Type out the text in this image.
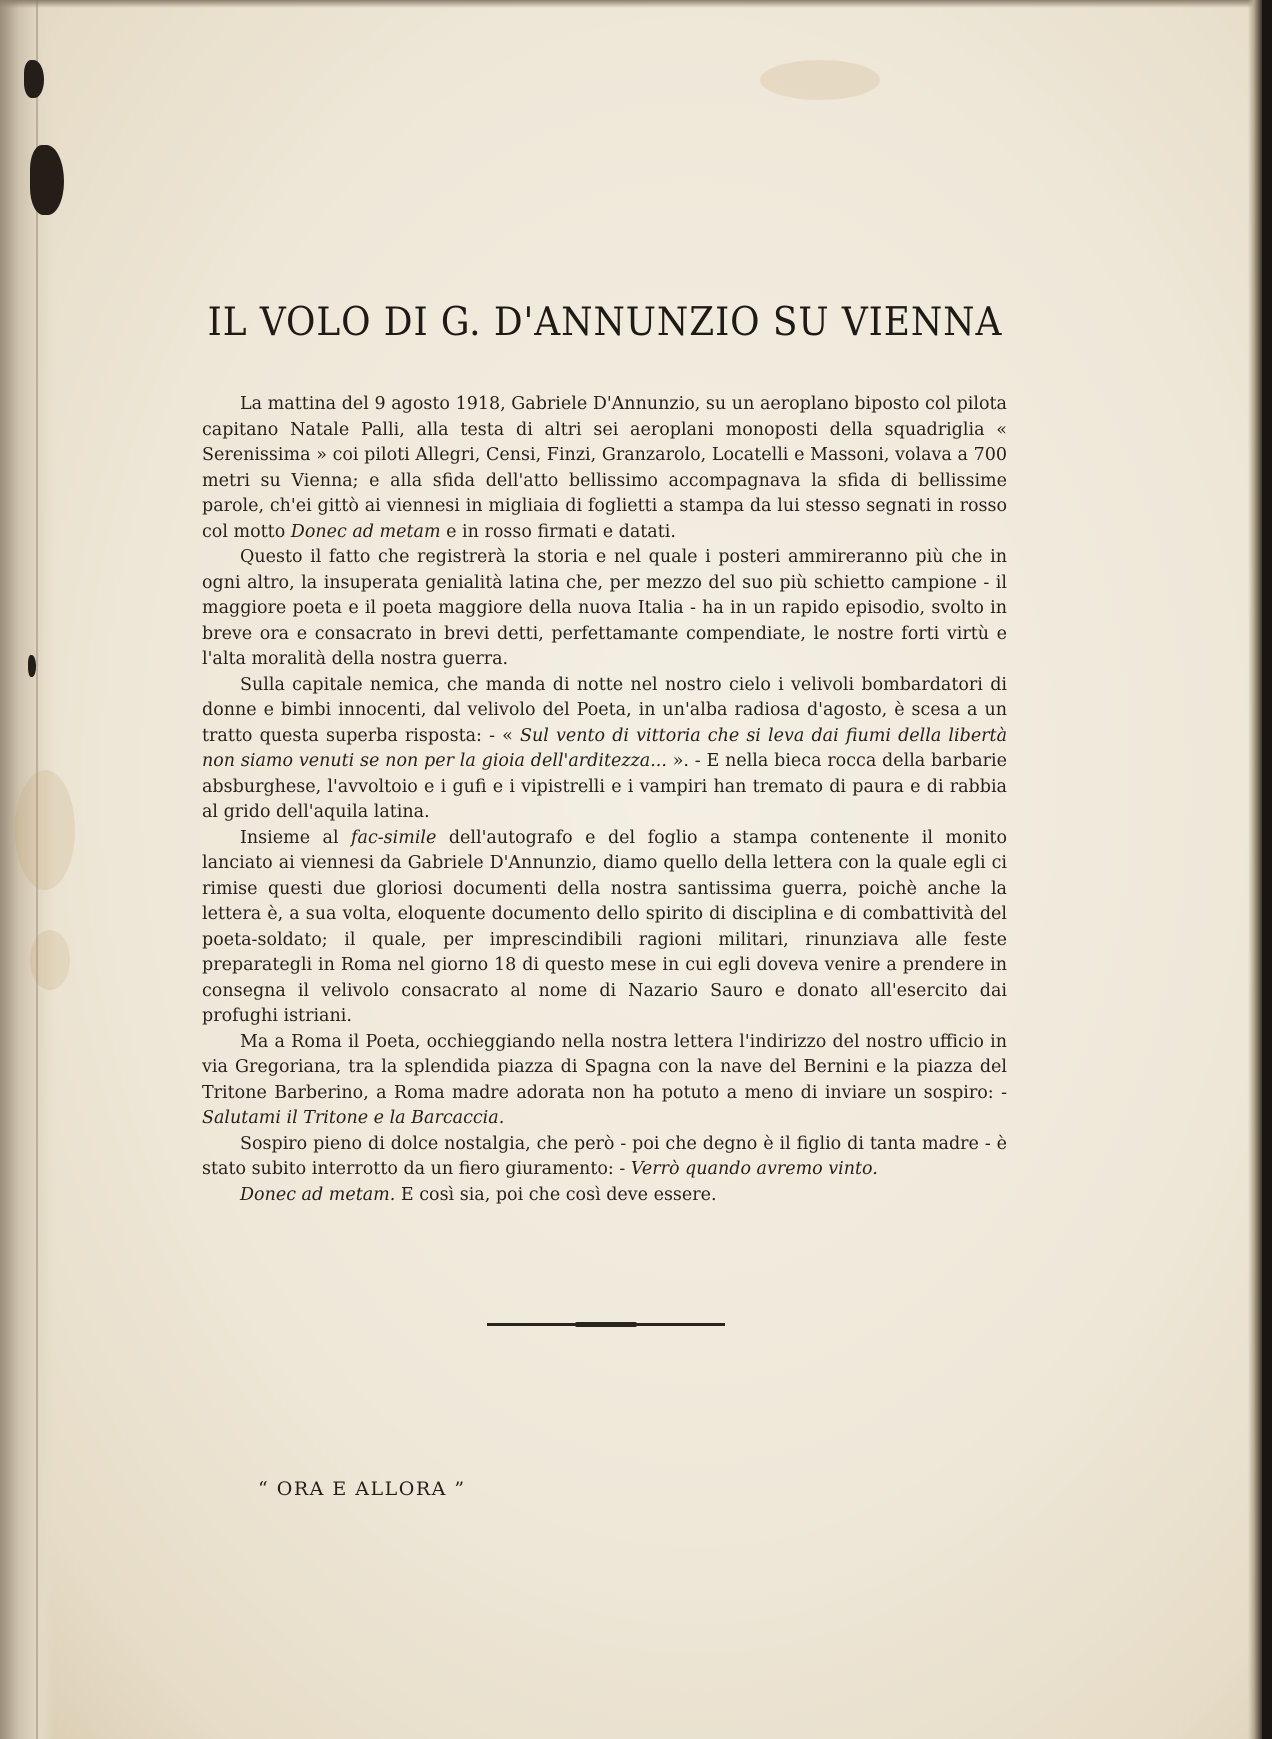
IL VOLO DI G. D'ANNUNZIO SU VIENNA

La mattina del 9 agosto 1918, Gabriele D'Annunzio, su un aeroplano biposto col pilota capitano Natale Palli, alla testa di altri sei aeroplani monoposti della squadriglia « Serenissima » coi piloti Allegri, Censi, Finzi, Granzarolo, Locatelli e Massoni, volava a 700 metri su Vienna; e alla sfida dell'atto bellissimo accompagnava la sfida di bellissime parole, ch'ei gittò ai viennesi in migliaia di foglietti a stampa da lui stesso segnati in rosso col motto Donec ad metam e in rosso firmati e datati.

Questo il fatto che registrerà la storia e nel quale i posteri ammireranno più che in ogni altro, la insuperata genialità latina che, per mezzo del suo più schietto campione - il maggiore poeta e il poeta maggiore della nuova Italia - ha in un rapido episodio, svolto in breve ora e consacrato in brevi detti, perfettamante compendiate, le nostre forti virtù e l'alta moralità della nostra guerra.

Sulla capitale nemica, che manda di notte nel nostro cielo i velivoli bombardatori di donne e bimbi innocenti, dal velivolo del Poeta, in un'alba radiosa d'agosto, è scesa a un tratto questa superba risposta: - « Sul vento di vittoria che si leva dai fiumi della libertà non siamo venuti se non per la gioia dell'arditezza... ». - E nella bieca rocca della barbarie absburghese, l'avvoltoio e i gufi e i vipistrelli e i vampiri han tremato di paura e di rabbia al grido dell'aquila latina.

Insieme al fac-simile dell'autografo e del foglio a stampa contenente il monito lanciato ai viennesi da Gabriele D'Annunzio, diamo quello della lettera con la quale egli ci rimise questi due gloriosi documenti della nostra santissima guerra, poichè anche la lettera è, a sua volta, eloquente documento dello spirito di disciplina e di combattività del poeta-soldato; il quale, per imprescindibili ragioni militari, rinunziava alle feste preparategli in Roma nel giorno 18 di questo mese in cui egli doveva venire a prendere in consegna il velivolo consacrato al nome di Nazario Sauro e donato all'esercito dai profughi istriani.

Ma a Roma il Poeta, occhieggiando nella nostra lettera l'indirizzo del nostro ufficio in via Gregoriana, tra la splendida piazza di Spagna con la nave del Bernini e la piazza del Tritone Barberino, a Roma madre adorata non ha potuto a meno di inviare un sospiro: - Salutami il Tritone e la Barcaccia.

Sospiro pieno di dolce nostalgia, che però - poi che degno è il figlio di tanta madre - è stato subito interrotto da un fiero giuramento: - Verrò quando avremo vinto.

Donec ad metam. E così sia, poi che così deve essere.

“ ORA E ALLORA ”
